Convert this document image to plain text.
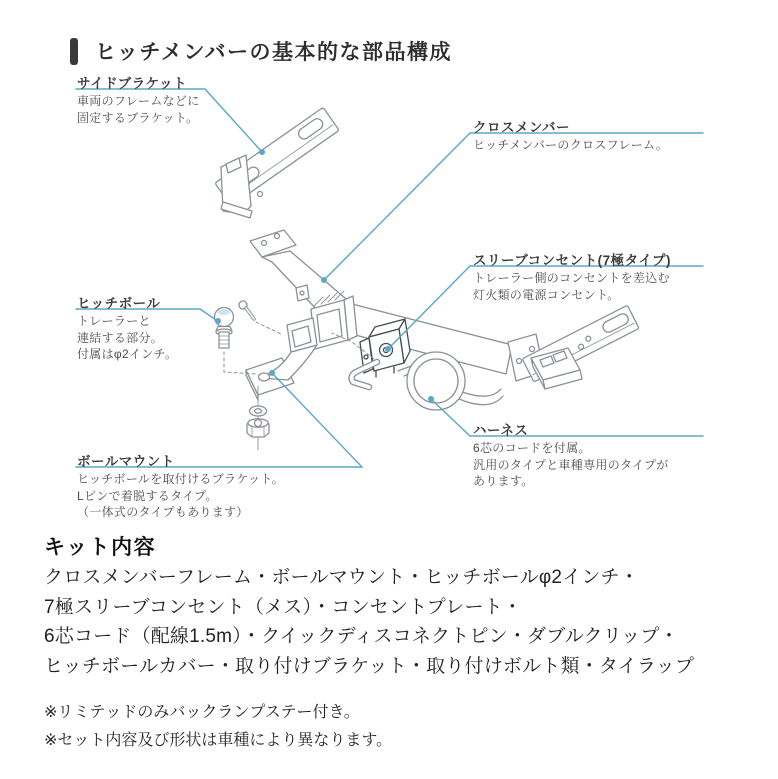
ヒッチメンバーの基本的な部品構成
サイドブラケット
車両のフレームなどに
固定するブラケット。
クロスメンバー
ヒッチメンバーのクロスフレーム。
スリーブコンセント(7極タイプ)
トレーラー側のコンセントを差込む
灯火類の電源コンセント。
ヒッチボール
トレーラーと
連結する部分。
付属はφ2インチ。
ハーネス
6芯のコードを付属。
汎用のタイプと車種専用のタイプが
あります。
ボールマウント
ヒッチボールを取付けるブラケット。
Lピンで着脱するタイプ。
（一体式のタイプもあります）
キット内容
クロスメンバーフレーム・ボールマウント・ヒッチボールφ2インチ・
7極スリーブコンセント（メス）・コンセントプレート・
6芯コード（配線1.5m）・クイックディスコネクトピン・ダブルクリップ・
ヒッチボールカバー・取り付けブラケット・取り付けボルト類・タイラップ
※リミテッドのみバックランプステー付き。
※セット内容及び形状は車種により異なります。
